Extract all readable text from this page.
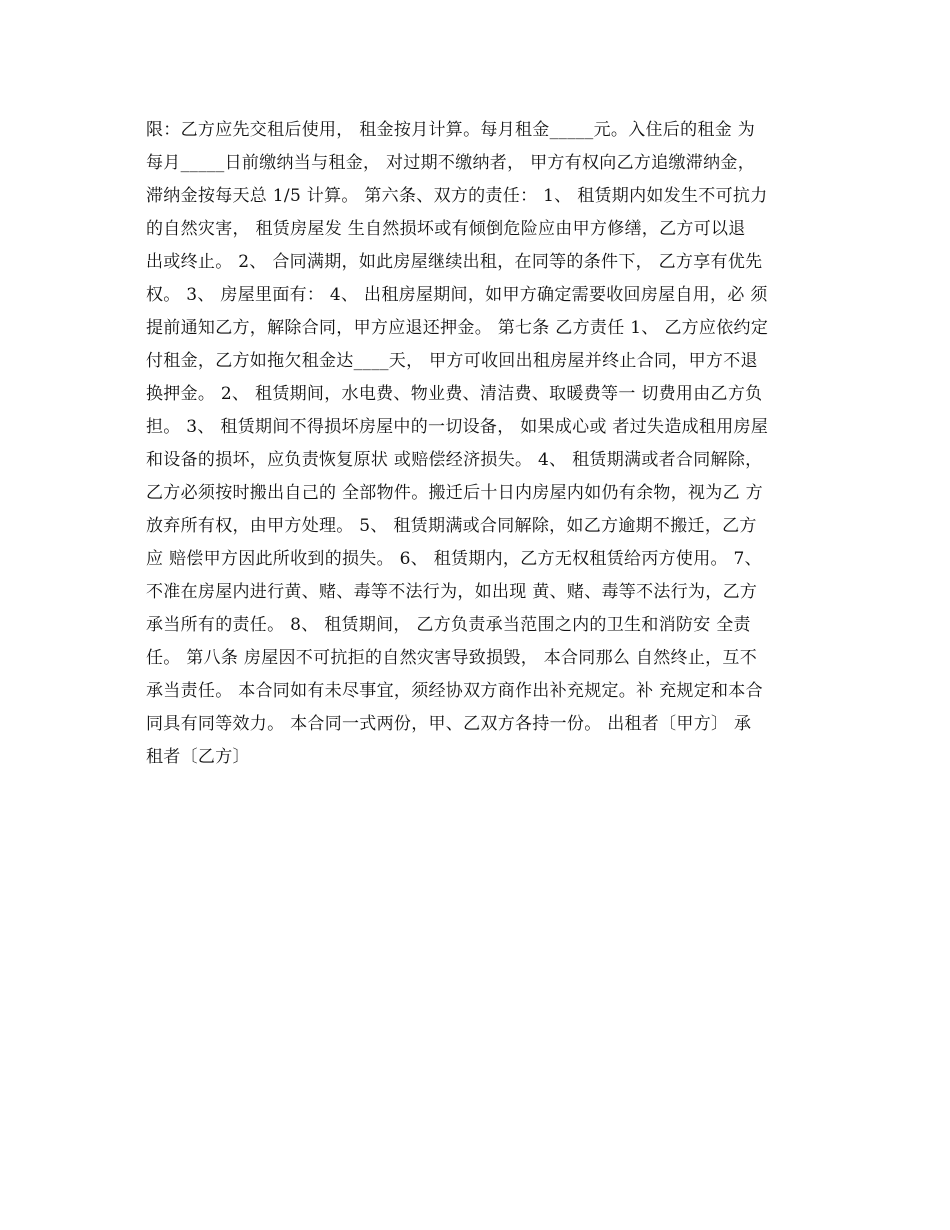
限：乙方应先交租后使用， 租金按月计算。每月租金_____元。入住后的租金 为
每月_____日前缴纳当与租金， 对过期不缴纳者， 甲方有权向乙方追缴滞纳金，
滞纳金按每天总 1/5 计算。 第六条、双方的责任： 1、 租赁期内如发生不可抗力
的自然灾害， 租赁房屋发 生自然损坏或有倾倒危险应由甲方修缮，乙方可以退
出或终止。 2、 合同满期，如此房屋继续出租，在同等的条件下， 乙方享有优先
权。 3、 房屋里面有： 4、 出租房屋期间，如甲方确定需要收回房屋自用，必 须
提前通知乙方，解除合同，甲方应退还押金。 第七条 乙方责任 1、 乙方应依约定
付租金，乙方如拖欠租金达____天， 甲方可收回出租房屋并终止合同，甲方不退
换押金。 2、 租赁期间，水电费、物业费、清洁费、取暖费等一 切费用由乙方负
担。 3、 租赁期间不得损坏房屋中的一切设备， 如果成心或 者过失造成租用房屋
和设备的损坏，应负责恢复原状 或赔偿经济损失。 4、 租赁期满或者合同解除，
乙方必须按时搬出自己的 全部物件。搬迁后十日内房屋内如仍有余物，视为乙 方
放弃所有权，由甲方处理。 5、 租赁期满或合同解除，如乙方逾期不搬迁，乙方
应 赔偿甲方因此所收到的损失。 6、 租赁期内，乙方无权租赁给丙方使用。 7、
不准在房屋内进行黄、赌、毒等不法行为，如出现 黄、赌、毒等不法行为，乙方
承当所有的责任。 8、 租赁期间， 乙方负责承当范围之内的卫生和消防安 全责
任。 第八条 房屋因不可抗拒的自然灾害导致损毁， 本合同那么 自然终止，互不
承当责任。 本合同如有未尽事宜，须经协双方商作出补充规定。补 充规定和本合
同具有同等效力。 本合同一式两份，甲、乙双方各持一份。 出租者〔甲方〕 承
租者〔乙方〕
